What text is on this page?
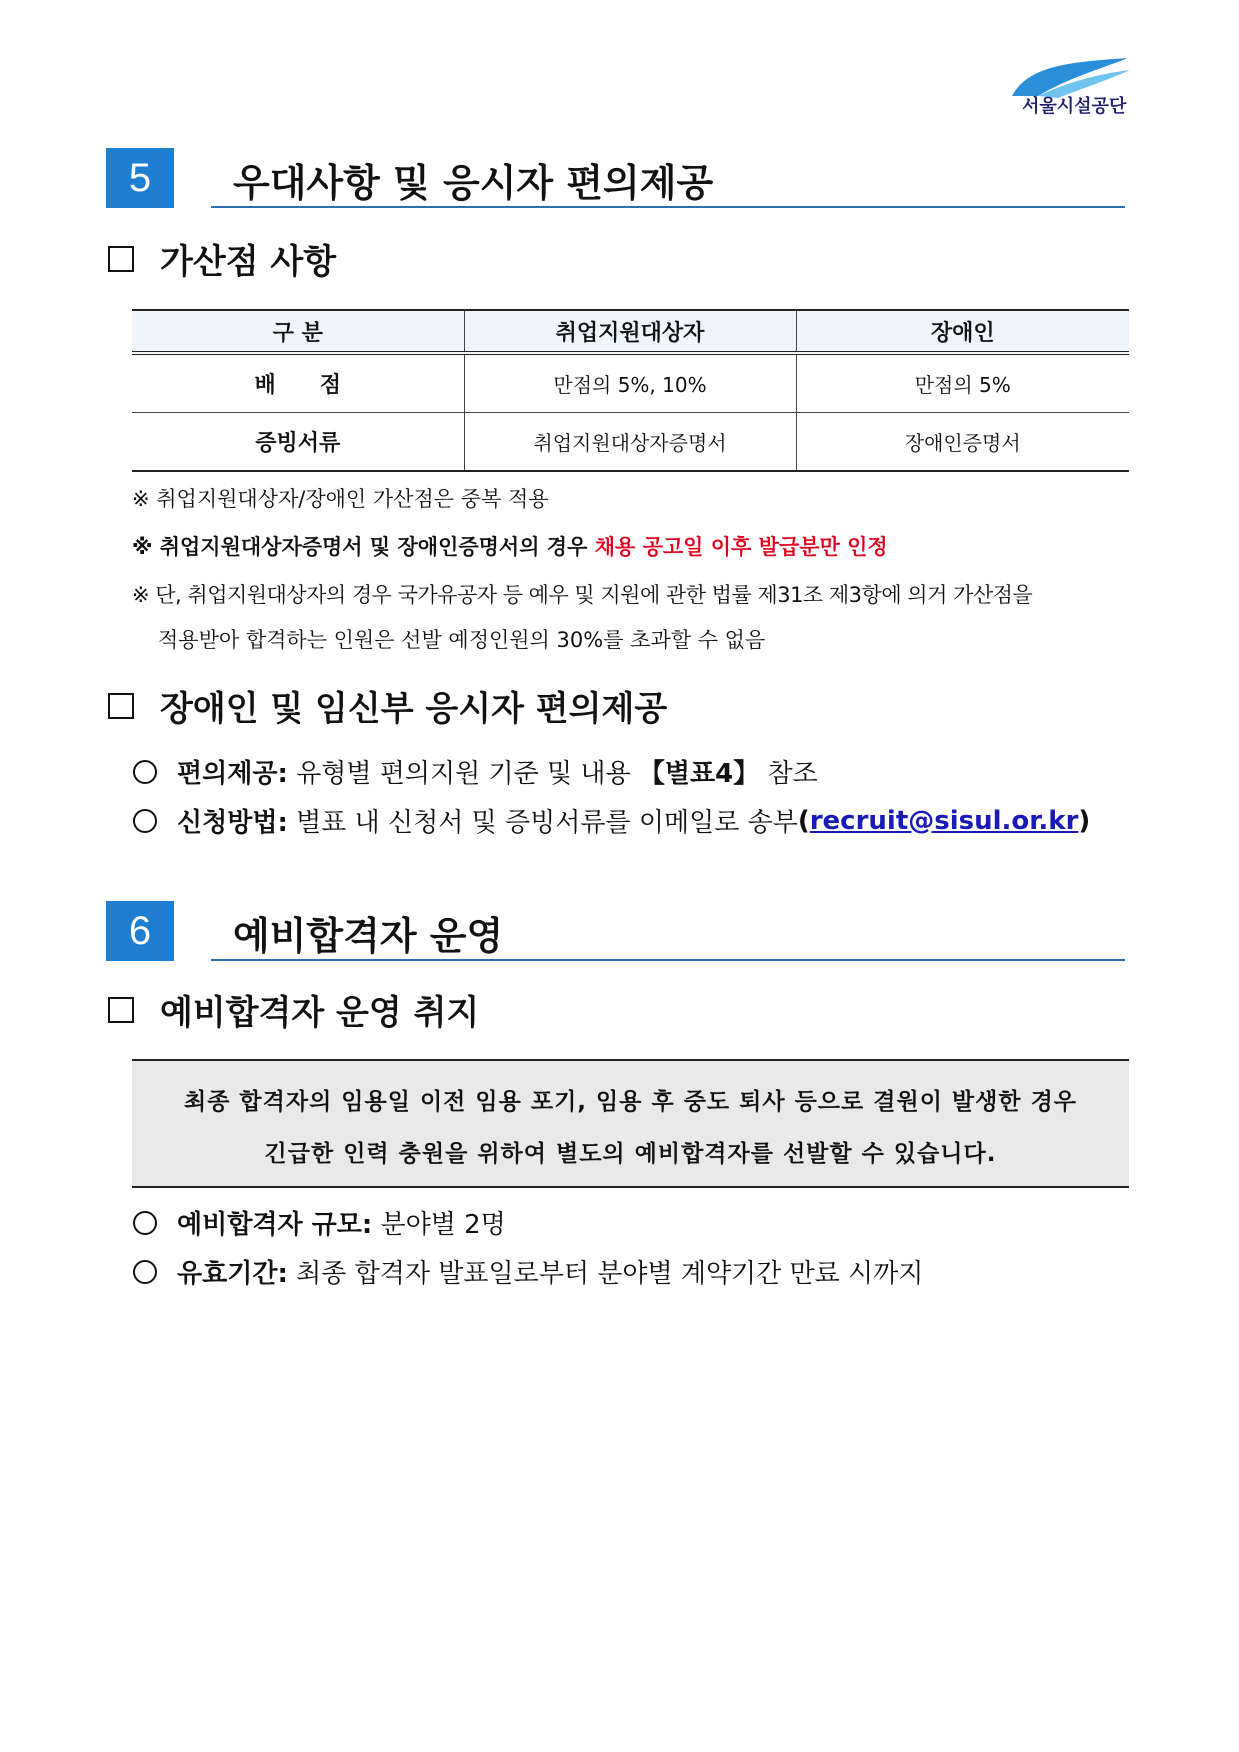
서울시설공단
5	우대사항 및 응시자 편의제공
가산점 사항
구 분	취업지원대상자	장애인
배　　점	만점의 5%, 10%	만점의 5%
증빙서류	취업지원대상자증명서	장애인증명서
※ 취업지원대상자/장애인 가산점은 중복 적용
※ 취업지원대상자증명서 및 장애인증명서의 경우 채용 공고일 이후 발급분만 인정
※ 단, 취업지원대상자의 경우 국가유공자 등 예우 및 지원에 관한 법률 제31조 제3항에 의거 가산점을
적용받아 합격하는 인원은 선발 예정인원의 30%를 초과할 수 없음
장애인 및 임신부 응시자 편의제공
편의제공: 유형별 편의지원 기준 및 내용 【별표4】 참조
신청방법: 별표 내 신청서 및 증빙서류를 이메일로 송부 ( recruit@sisul.or.kr )
6	예비합격자 운영
예비합격자 운영 취지
최종 합격자의 임용일 이전 임용 포기, 임용 후 중도 퇴사 등으로 결원이 발생한 경우
긴급한 인력 충원을 위하여 별도의 예비합격자를 선발할 수 있습니다.
예비합격자 규모: 분야별 2명
유효기간: 최종 합격자 발표일로부터 분야별 계약기간 만료 시까지
